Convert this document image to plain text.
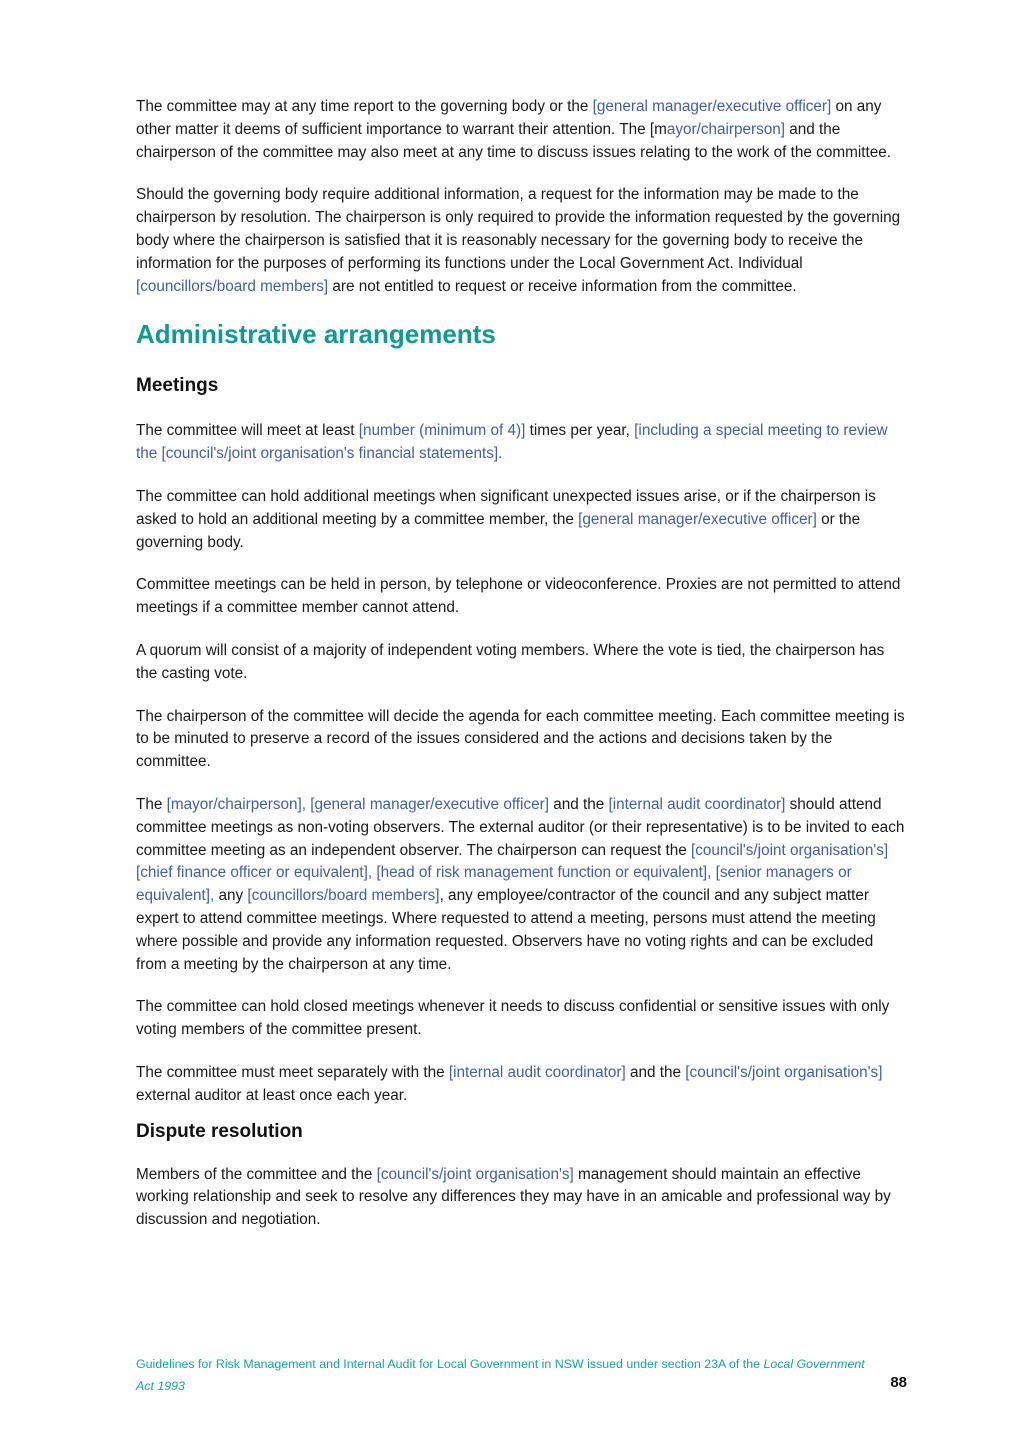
The committee may at any time report to the governing body or the [general manager/executive officer] on any other matter it deems of sufficient importance to warrant their attention. The [mayor/chairperson] and the chairperson of the committee may also meet at any time to discuss issues relating to the work of the committee.

Should the governing body require additional information, a request for the information may be made to the chairperson by resolution. The chairperson is only required to provide the information requested by the governing body where the chairperson is satisfied that it is reasonably necessary for the governing body to receive the information for the purposes of performing its functions under the Local Government Act. Individual [councillors/board members] are not entitled to request or receive information from the committee.

Administrative arrangements
Meetings

The committee will meet at least [number (minimum of 4)] times per year, [including a special meeting to review the [council's/joint organisation's financial statements].

The committee can hold additional meetings when significant unexpected issues arise, or if the chairperson is asked to hold an additional meeting by a committee member, the [general manager/executive officer] or the governing body.

Committee meetings can be held in person, by telephone or videoconference. Proxies are not permitted to attend meetings if a committee member cannot attend.

A quorum will consist of a majority of independent voting members. Where the vote is tied, the chairperson has the casting vote.

The chairperson of the committee will decide the agenda for each committee meeting. Each committee meeting is to be minuted to preserve a record of the issues considered and the actions and decisions taken by the committee.

The [mayor/chairperson], [general manager/executive officer] and the [internal audit coordinator] should attend committee meetings as non-voting observers. The external auditor (or their representative) is to be invited to each committee meeting as an independent observer. The chairperson can request the [council's/joint organisation's] [chief finance officer or equivalent], [head of risk management function or equivalent], [senior managers or equivalent], any [councillors/board members], any employee/contractor of the council and any subject matter expert to attend committee meetings. Where requested to attend a meeting, persons must attend the meeting where possible and provide any information requested. Observers have no voting rights and can be excluded from a meeting by the chairperson at any time.

The committee can hold closed meetings whenever it needs to discuss confidential or sensitive issues with only voting members of the committee present.

The committee must meet separately with the [internal audit coordinator] and the [council's/joint organisation's] external auditor at least once each year.

Dispute resolution

Members of the committee and the [council's/joint organisation's] management should maintain an effective working relationship and seek to resolve any differences they may have in an amicable and professional way by discussion and negotiation.

Guidelines for Risk Management and Internal Audit for Local Government in NSW issued under section 23A of the Local Government Act 1993	88
